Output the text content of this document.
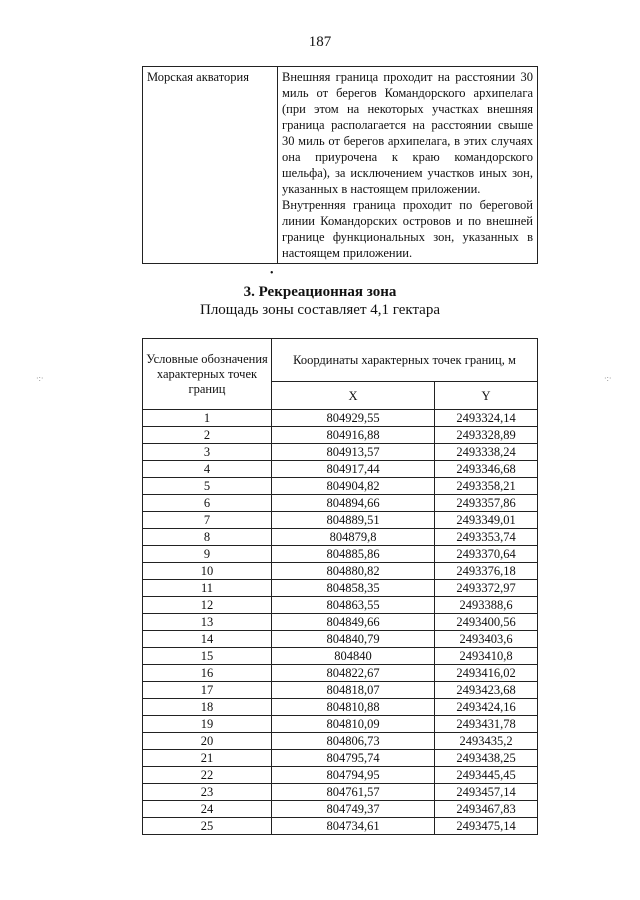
187
Морская акватория	Внешняя граница проходит на расстоянии 30 миль от берегов Командорского архипелага (при этом на некоторых участках внешняя граница располагается на расстоянии свыше 30 миль от берегов архипелага, в этих случаях она приурочена к краю командорского шельфа), за исключением участков иных зон, указанных в настоящем приложении.

Внутренняя граница проходит по береговой линии Командорских островов и по внешней границе функциональных зон, указанных в настоящем приложении.

•
3. Рекреационная зона
Площадь зоны составляет 4,1 гектара
Условные обозначения характерных точек границ	Координаты характерных точек границ, м	
	X	Y
1	804929,55	2493324,14
2	804916,88	2493328,89
3	804913,57	2493338,24
4	804917,44	2493346,68
5	804904,82	2493358,21
6	804894,66	2493357,86
7	804889,51	2493349,01
8	804879,8	2493353,74
9	804885,86	2493370,64
10	804880,82	2493376,18
11	804858,35	2493372,97
12	804863,55	2493388,6
13	804849,66	2493400,56
14	804840,79	2493403,6
15	804840	2493410,8
16	804822,67	2493416,02
17	804818,07	2493423,68
18	804810,88	2493424,16
19	804810,09	2493431,78
20	804806,73	2493435,2
21	804795,74	2493438,25
22	804794,95	2493445,45
23	804761,57	2493457,14
24	804749,37	2493467,83
25	804734,61	2493475,14
·:·	·:·
